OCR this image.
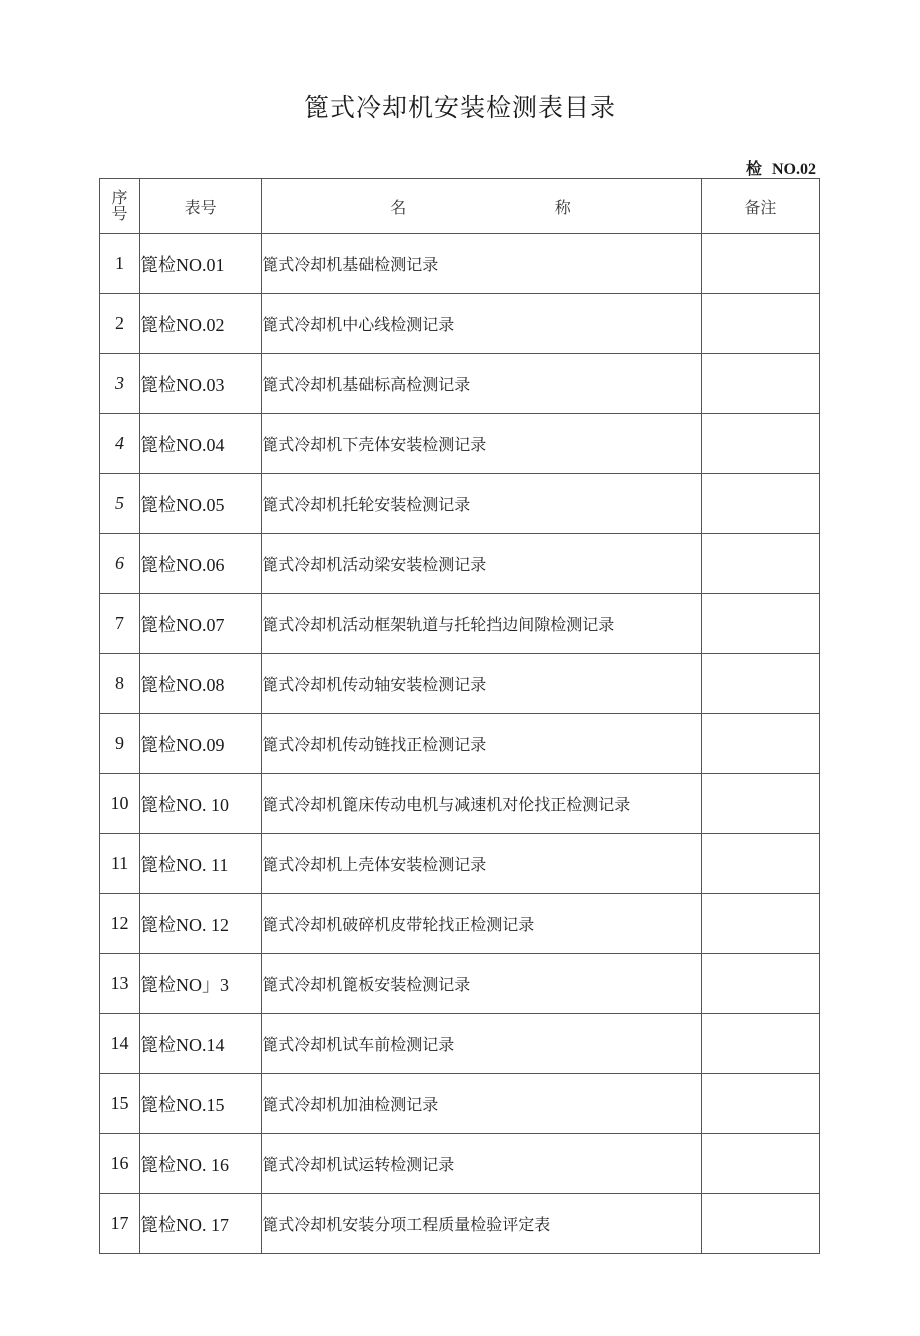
篦式冷却机安装检测表目录
检 NO.02
序
号	表号	名 称	备注
1	篦检NO.01	篦式冷却机基础检测记录	
2	篦检NO.02	篦式冷却机中心线检测记录	
3	篦检NO.03	篦式冷却机基础标高检测记录	
4	篦检NO.04	篦式冷却机下壳体安装检测记录	
5	篦检NO.05	篦式冷却机托轮安装检测记录	
6	篦检NO.06	篦式冷却机活动梁安装检测记录	
7	篦检NO.07	篦式冷却机活动框架轨道与托轮挡边间隙检测记录	
8	篦检NO.08	篦式冷却机传动轴安装检测记录	
9	篦检NO.09	篦式冷却机传动链找正检测记录	
10	篦检NO. 10	篦式冷却机篦床传动电机与减速机对伦找正检测记录	
11	篦检NO. 11	篦式冷却机上壳体安装检测记录	
12	篦检NO. 12	篦式冷却机破碎机皮带轮找正检测记录	
13	篦检NO」3	篦式冷却机篦板安装检测记录	
14	篦检NO.14	篦式冷却机试车前检测记录	
15	篦检NO.15	篦式冷却机加油检测记录	
16	篦检NO. 16	篦式冷却机试运转检测记录	
17	篦检NO. 17	篦式冷却机安装分项工程质量检验评定表	
